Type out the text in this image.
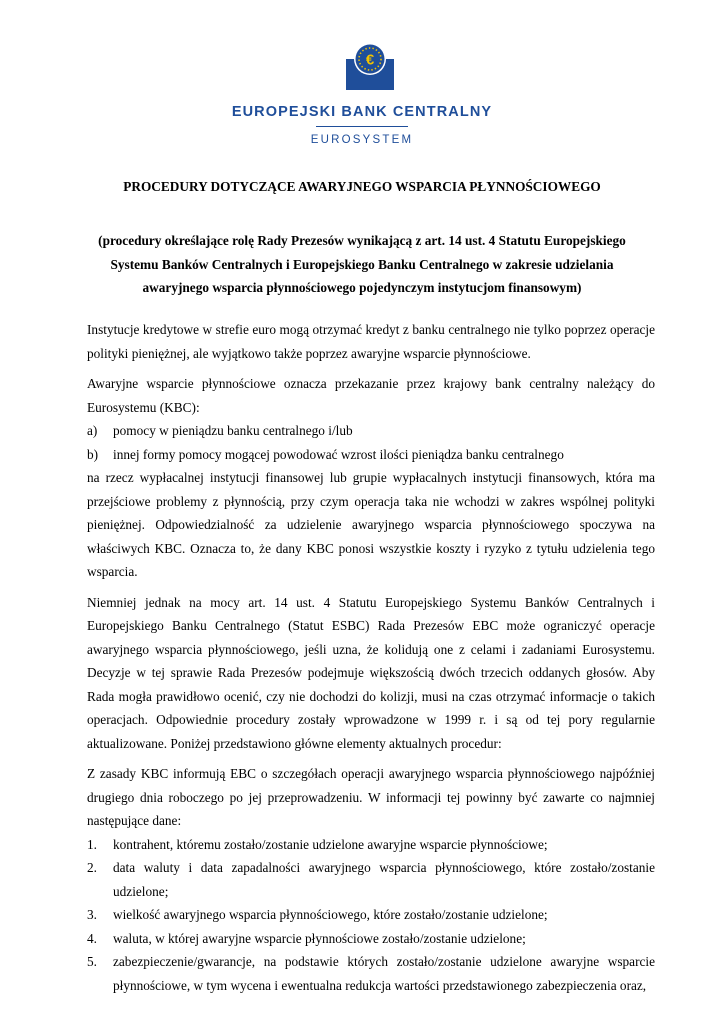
€
EUROPEJSKI BANK CENTRALNY
EUROSYSTEM
PROCEDURY DOTYCZĄCE AWARYJNEGO WSPARCIA PŁYNNOŚCIOWEGO
(procedury określające rolę Rady Prezesów wynikającą z art. 14 ust. 4 Statutu Europejskiego Systemu Banków Centralnych i Europejskiego Banku Centralnego w zakresie udzielania awaryjnego wsparcia płynnościowego pojedynczym instytucjom finansowym)

Instytucje kredytowe w strefie euro mogą otrzymać kredyt z banku centralnego nie tylko poprzez operacje polityki pieniężnej, ale wyjątkowo także poprzez awaryjne wsparcie płynnościowe.

Awaryjne wsparcie płynnościowe oznacza przekazanie przez krajowy bank centralny należący do Eurosystemu (KBC):

a) pomocy w pieniądzu banku centralnego i/lub
b) innej formy pomocy mogącej powodować wzrost ilości pieniądza banku centralnego

na rzecz wypłacalnej instytucji finansowej lub grupie wypłacalnych instytucji finansowych, która ma przejściowe problemy z płynnością, przy czym operacja taka nie wchodzi w zakres wspólnej polityki pieniężnej. Odpowiedzialność za udzielenie awaryjnego wsparcia płynnościowego spoczywa na właściwych KBC. Oznacza to, że dany KBC ponosi wszystkie koszty i ryzyko z tytułu udzielenia tego wsparcia.

Niemniej jednak na mocy art. 14 ust. 4 Statutu Europejskiego Systemu Banków Centralnych i Europejskiego Banku Centralnego (Statut ESBC) Rada Prezesów EBC może ograniczyć operacje awaryjnego wsparcia płynnościowego, jeśli uzna, że kolidują one z celami i zadaniami Eurosystemu. Decyzje w tej sprawie Rada Prezesów podejmuje większością dwóch trzecich oddanych głosów. Aby Rada mogła prawidłowo ocenić, czy nie dochodzi do kolizji, musi na czas otrzymać informacje o takich operacjach. Odpowiednie procedury zostały wprowadzone w 1999 r. i są od tej pory regularnie aktualizowane. Poniżej przedstawiono główne elementy aktualnych procedur:

Z zasady KBC informują EBC o szczegółach operacji awaryjnego wsparcia płynnościowego najpóźniej drugiego dnia roboczego po jej przeprowadzeniu. W informacji tej powinny być zawarte co najmniej następujące dane:

1. kontrahent, któremu zostało/zostanie udzielone awaryjne wsparcie płynnościowe;
2. data waluty i data zapadalności awaryjnego wsparcia płynnościowego, które zostało/zostanie udzielone;
3. wielkość awaryjnego wsparcia płynnościowego, które zostało/zostanie udzielone;
4. waluta, w której awaryjne wsparcie płynnościowe zostało/zostanie udzielone;
5. zabezpieczenie/gwarancje, na podstawie których zostało/zostanie udzielone awaryjne wsparcie płynnościowe, w tym wycena i ewentualna redukcja wartości przedstawionego zabezpieczenia oraz,
